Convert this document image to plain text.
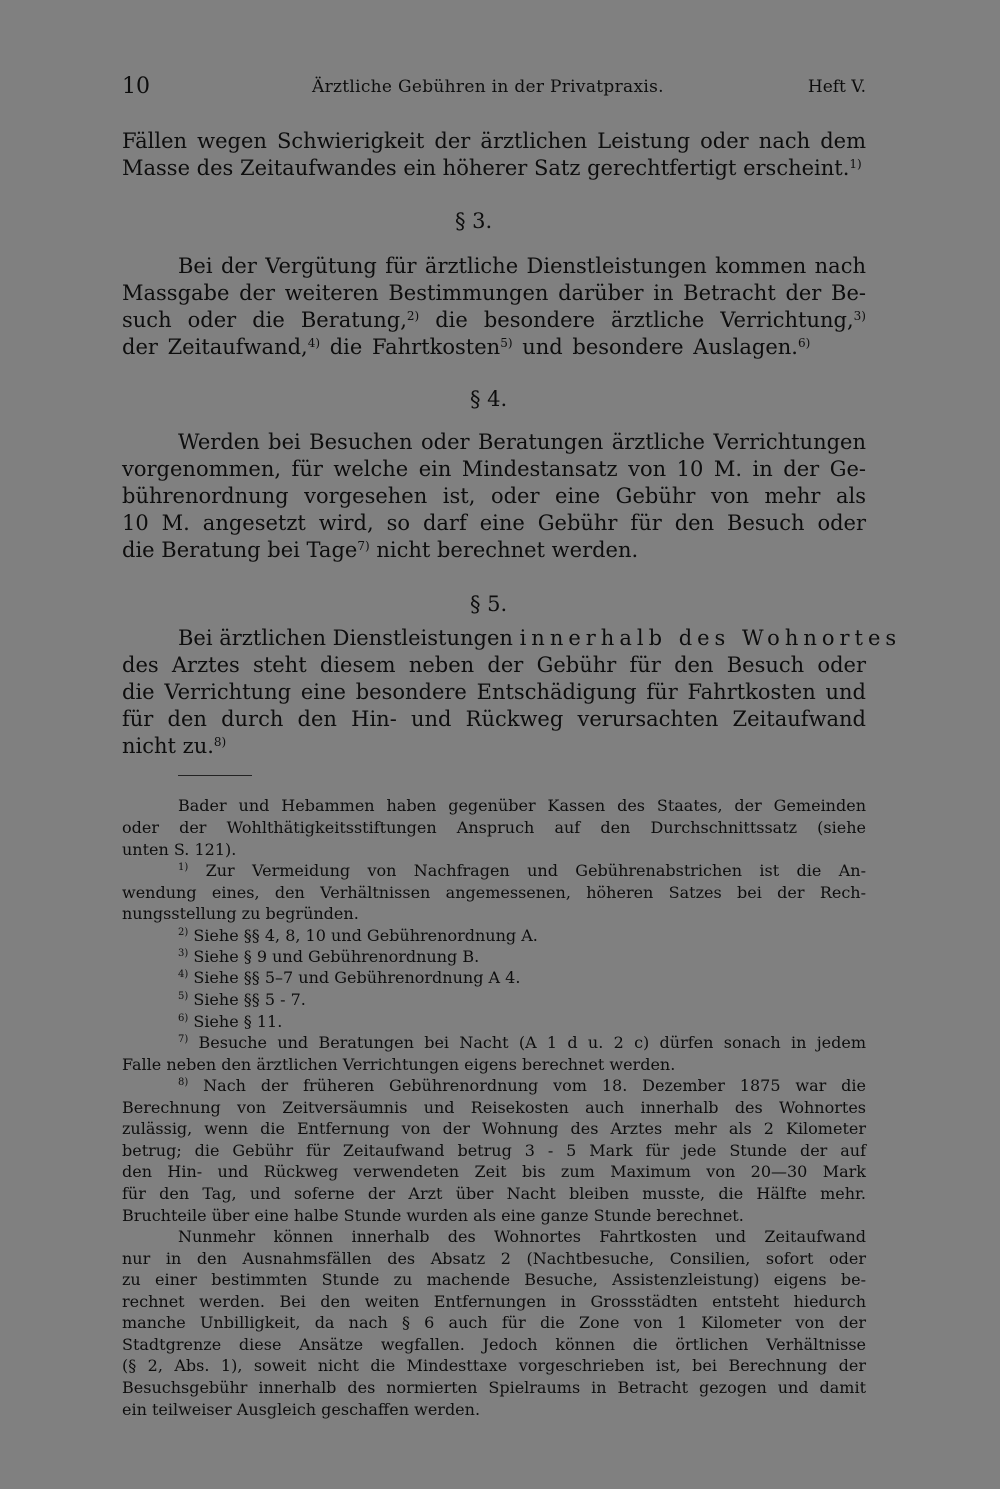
10	Ärztliche Gebühren in der Privatpraxis.	Heft V.
Fällen wegen Schwierigkeit der ärztlichen Leistung oder nach dem
Masse des Zeitaufwandes ein höherer Satz gerechtfertigt erscheint.$^{1)}$
§ 3.
Bei der Vergütung für ärztliche Dienstleistungen kommen nach
Massgabe der weiteren Bestimmungen darüber in Betracht der Be-
such oder die Beratung,$^{2)}$ die besondere ärztliche Verrichtung,$^{3)}$
der Zeitaufwand,$^{4)}$ die Fahrtkosten$^{5)}$ und besondere Auslagen.$^{6)}$
§ 4.
Werden bei Besuchen oder Beratungen ärztliche Verrichtungen
vorgenommen, für welche ein Mindestansatz von 10 M. in der Ge-
bührenordnung vorgesehen ist, oder eine Gebühr von mehr als
10 M. angesetzt wird, so darf eine Gebühr für den Besuch oder
die Beratung bei Tage$^{7)}$ nicht berechnet werden.
§ 5.
Bei ärztlichen Dienstleistungen innerhalb des Wohnortes
des Arztes steht diesem neben der Gebühr für den Besuch oder
die Verrichtung eine besondere Entschädigung für Fahrtkosten und
für den durch den Hin- und Rückweg verursachten Zeitaufwand
nicht zu.$^{8)}$
Bader und Hebammen haben gegenüber Kassen des Staates, der Gemeinden
oder der Wohlthätigkeitsstiftungen Anspruch auf den Durchschnittssatz (siehe
unten S. 121).
$^{1)}$ Zur Vermeidung von Nachfragen und Gebührenabstrichen ist die An-
wendung eines, den Verhältnissen angemessenen, höheren Satzes bei der Rech-
nungsstellung zu begründen.
$^{2)}$ Siehe §§ 4, 8, 10 und Gebührenordnung A.
$^{3)}$ Siehe § 9 und Gebührenordnung B.
$^{4)}$ Siehe §§ 5–7 und Gebührenordnung A 4.
$^{5)}$ Siehe §§ 5 - 7.
$^{6)}$ Siehe § 11.
$^{7)}$ Besuche und Beratungen bei Nacht (A 1 d u. 2 c) dürfen sonach in jedem
Falle neben den ärztlichen Verrichtungen eigens berechnet werden.
$^{8)}$ Nach der früheren Gebührenordnung vom 18. Dezember 1875 war die
Berechnung von Zeitversäumnis und Reisekosten auch innerhalb des Wohnortes
zulässig, wenn die Entfernung von der Wohnung des Arztes mehr als 2 Kilometer
betrug; die Gebühr für Zeitaufwand betrug 3 - 5 Mark für jede Stunde der auf
den Hin- und Rückweg verwendeten Zeit bis zum Maximum von 20—30 Mark
für den Tag, und soferne der Arzt über Nacht bleiben musste, die Hälfte mehr.
Bruchteile über eine halbe Stunde wurden als eine ganze Stunde berechnet.
Nunmehr können innerhalb des Wohnortes Fahrtkosten und Zeitaufwand
nur in den Ausnahmsfällen des Absatz 2 (Nachtbesuche, Consilien, sofort oder
zu einer bestimmten Stunde zu machende Besuche, Assistenzleistung) eigens be-
rechnet werden. Bei den weiten Entfernungen in Grossstädten entsteht hiedurch
manche Unbilligkeit, da nach § 6 auch für die Zone von 1 Kilometer von der
Stadtgrenze diese Ansätze wegfallen. Jedoch können die örtlichen Verhältnisse
(§ 2, Abs. 1), soweit nicht die Mindesttaxe vorgeschrieben ist, bei Berechnung der
Besuchsgebühr innerhalb des normierten Spielraums in Betracht gezogen und damit
ein teilweiser Ausgleich geschaffen werden.
